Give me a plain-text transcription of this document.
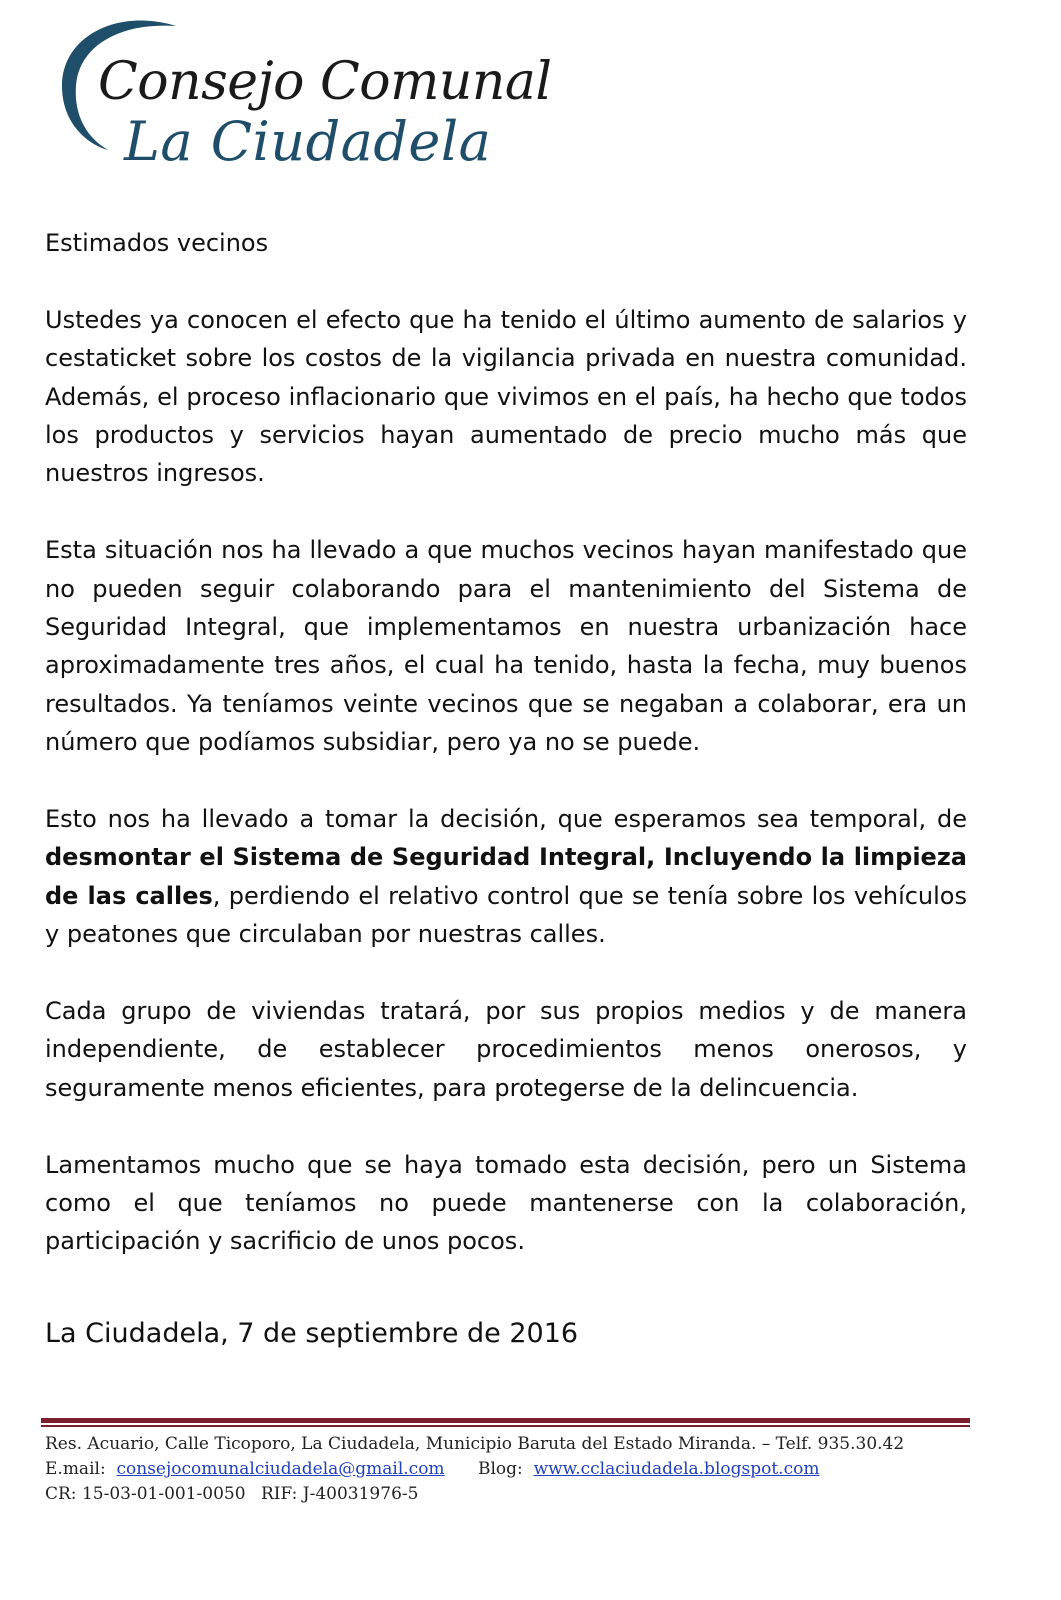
Consejo Comunal
La Ciudadela

Estimados vecinos

Ustedes ya conocen el efecto que ha tenido el último aumento de salarios y cestaticket sobre los costos de la vigilancia privada en nuestra comunidad. Además, el proceso inflacionario que vivimos en el país, ha hecho que todos los productos y servicios hayan aumentado de precio mucho más que nuestros ingresos.

Esta situación nos ha llevado a que muchos vecinos hayan manifestado que no pueden seguir colaborando para el mantenimiento del Sistema de Seguridad Integral, que implementamos en nuestra urbanización hace aproximadamente tres años, el cual ha tenido, hasta la fecha, muy buenos resultados. Ya teníamos veinte vecinos que se negaban a colaborar, era un número que podíamos subsidiar, pero ya no se puede.

Esto nos ha llevado a tomar la decisión, que esperamos sea temporal, de desmontar el Sistema de Seguridad Integral, Incluyendo la limpieza de las calles, perdiendo el relativo control que se tenía sobre los vehículos y peatones que circulaban por nuestras calles.

Cada grupo de viviendas tratará, por sus propios medios y de manera independiente, de establecer procedimientos menos onerosos, y seguramente menos eficientes, para protegerse de la delincuencia.

Lamentamos mucho que se haya tomado esta decisión, pero un Sistema como el que teníamos no puede mantenerse con la colaboración, participación y sacrificio de unos pocos.

La Ciudadela, 7 de septiembre de 2016
Res. Acuario, Calle Ticoporo, La Ciudadela, Municipio Baruta del Estado Miranda. – Telf. 935.30.42
E.mail: consejocomunalciudadela@gmail.com Blog: www.cclaciudadela.blogspot.com
CR: 15-03-01-001-0050 RIF: J-40031976-5
